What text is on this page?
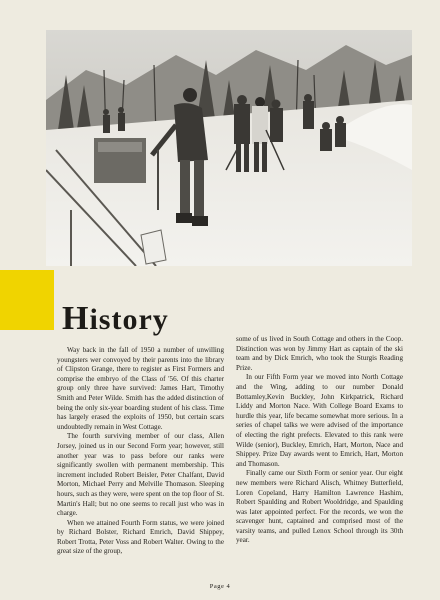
History

Way back in the fall of 1950 a number of unwilling youngsters wer convoyed by their parents into the library of Clipston Grange, there to register as First Formers and comprise the embryo of the Class of '56. Of this charter group only three have survived: James Hart, Timothy Smith and Peter Wilde. Smith has the added distinction of being the only six-year boarding student of his class. Time has largely erased the exploits of 1950, but certain scars undoubtedly remain in West Cottage.

The fourth surviving member of our class, Allen Jorsey, joined us in our Second Form year; however, still another year was to pass before our ranks were significantly swollen with permanent membership. This increment included Robert Beisler, Peter Chalfant, David Morton, Michael Perry and Melville Thomason. Sleeping hours, such as they were, were spent on the top floor of St. Martin's Hall; but no one seems to recall just who was in charge.

When we attained Fourth Form status, we were joined by Richard Bolster, Richard Emrich, David Shippey, Robert Trotta, Peter Voss and Robert Walter. Owing to the great size of the group,

some of us lived in South Cottage and others in the Coop. Distinction was won by Jimmy Hart as captain of the ski team and by Dick Emrich, who took the Sturgis Reading Prize.

In our Fifth Form year we moved into North Cottage and the Wing, adding to our number Donald Bottamley,Kevin Buckley, John Kirkpatrick, Richard Liddy and Morton Nace. With College Board Exams to hurdle this year, life became somewhat more serious. In a series of chapel talks we were advised of the importance of electing the right prefects. Elevated to this rank were Wilde (senior), Buckley, Emrich, Hart, Morton, Nace and Shippey. Prize Day awards went to Emrich, Hart, Morton and Thomason.

Finally came our Sixth Form or senior year. Our eight new members were Richard Alisch, Whitney Butterfield, Loren Copeland, Harry Hamilton Lawrence Hashim, Robert Spaulding and Robert Wooldridge, and Spaulding was later appointed perfect. For the records, we won the scavenger hunt, captained and comprised most of the varsity teams, and pulled Lenox School through its 30th year.

Page 4
